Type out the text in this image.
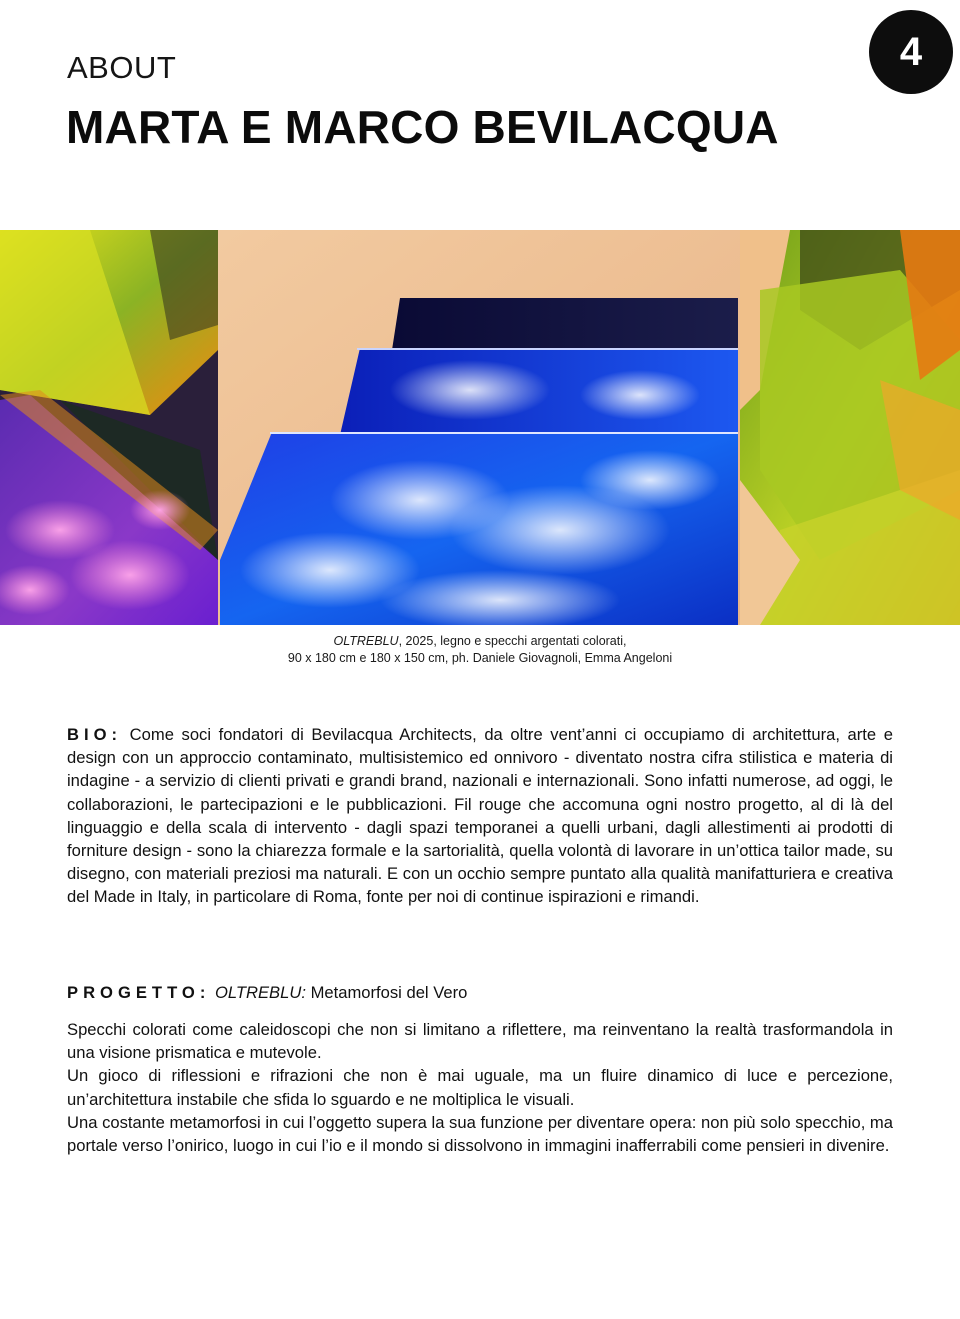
4
ABOUT
MARTA E MARCO BEVILACQUA
OLTREBLU, 2025, legno e specchi argentati colorati,
90 x 180 cm e 180 x 150 cm, ph. Daniele Giovagnoli, Emma Angeloni
BIO: Come soci fondatori di Bevilacqua Architects, da oltre vent’anni ci occupiamo di architettura, arte e design con un approccio contaminato, multisistemico ed onnivoro - diventato nostra cifra stilistica e materia di indagine - a servizio di clienti privati e grandi brand, nazionali e internazionali. Sono infatti numerose, ad oggi, le collaborazioni, le partecipazioni e le pubblicazioni. Fil rouge che accomuna ogni nostro progetto, al di là del linguaggio e della scala di intervento - dagli spazi temporanei a quelli urbani, dagli allestimenti ai prodotti di forniture design - sono la chiarezza formale e la sartorialità, quella volontà di lavorare in un’ottica tailor made, su disegno, con materiali preziosi ma naturali. E con un occhio sempre puntato alla qualità manifatturiera e creativa del Made in Italy, in particolare di Roma, fonte per noi di continue ispirazioni e rimandi.
PROGETTO: OLTREBLU: Metamorfosi del Vero

Specchi colorati come caleidoscopi che non si limitano a riflettere, ma reinventano la realtà trasformandola in una visione prismatica e mutevole.

Un gioco di riflessioni e rifrazioni che non è mai uguale, ma un fluire dinamico di luce e percezione, un’architettura instabile che sfida lo sguardo e ne moltiplica le visuali.

Una costante metamorfosi in cui l’oggetto supera la sua funzione per diventare opera: non più solo specchio, ma portale verso l’onirico, luogo in cui l’io e il mondo si dissolvono in immagini inafferrabili come pensieri in divenire.
